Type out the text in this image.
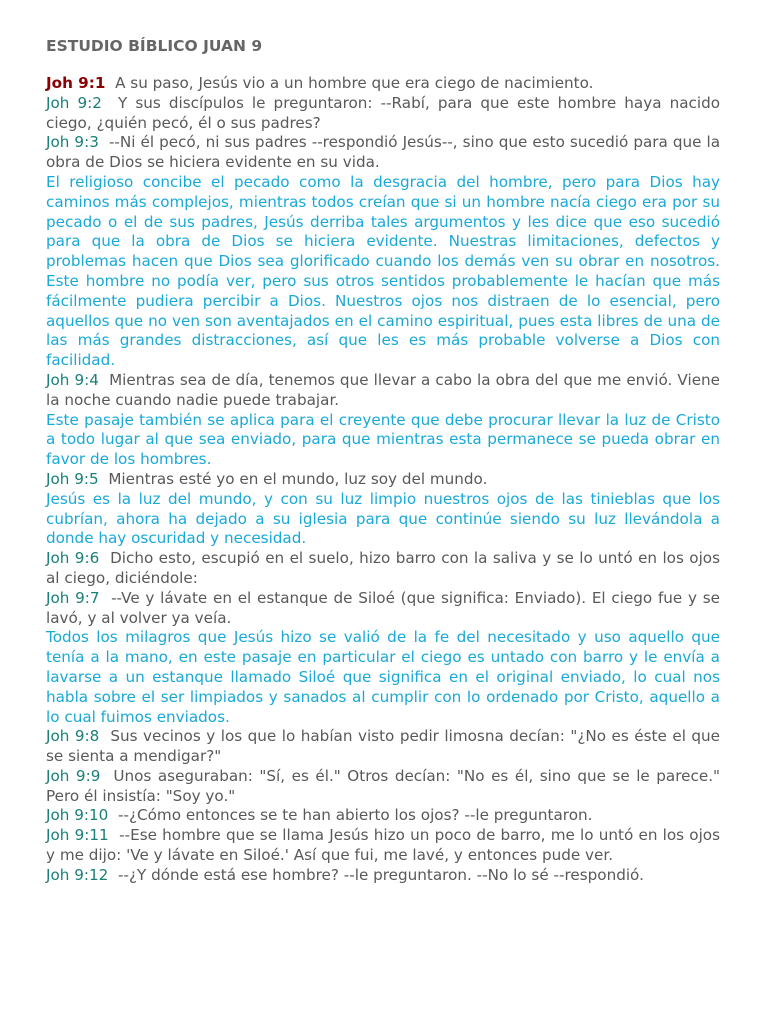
ESTUDIO BÍBLICO JUAN 9

Joh 9:1 A su paso, Jesús vio a un hombre que era ciego de nacimiento.

Joh 9:2 Y sus discípulos le preguntaron: --Rabí, para que este hombre haya nacido ciego, ¿quién pecó, él o sus padres?

Joh 9:3 --Ni él pecó, ni sus padres --respondió Jesús--, sino que esto sucedió para que la obra de Dios se hiciera evidente en su vida.

El religioso concibe el pecado como la desgracia del hombre, pero para Dios hay caminos más complejos, mientras todos creían que si un hombre nacía ciego era por su pecado o el de sus padres, Jesús derriba tales argumentos y les dice que eso sucedió para que la obra de Dios se hiciera evidente. Nuestras limitaciones, defectos y problemas hacen que Dios sea glorificado cuando los demás ven su obrar en nosotros. Este hombre no podía ver, pero sus otros sentidos probablemente le hacían que más fácilmente pudiera percibir a Dios. Nuestros ojos nos distraen de lo esencial, pero aquellos que no ven son aventajados en el camino espiritual, pues esta libres de una de las más grandes distracciones, así que les es más probable volverse a Dios con facilidad.

Joh 9:4 Mientras sea de día, tenemos que llevar a cabo la obra del que me envió. Viene la noche cuando nadie puede trabajar.

Este pasaje también se aplica para el creyente que debe procurar llevar la luz de Cristo a todo lugar al que sea enviado, para que mientras esta permanece se pueda obrar en favor de los hombres.

Joh 9:5 Mientras esté yo en el mundo, luz soy del mundo.

Jesús es la luz del mundo, y con su luz limpio nuestros ojos de las tinieblas que los cubrían, ahora ha dejado a su iglesia para que continúe siendo su luz llevándola a donde hay oscuridad y necesidad.

Joh 9:6 Dicho esto, escupió en el suelo, hizo barro con la saliva y se lo untó en los ojos al ciego, diciéndole:

Joh 9:7 --Ve y lávate en el estanque de Siloé (que significa: Enviado). El ciego fue y se lavó, y al volver ya veía.

Todos los milagros que Jesús hizo se valió de la fe del necesitado y uso aquello que tenía a la mano, en este pasaje en particular el ciego es untado con barro y le envía a lavarse a un estanque llamado Siloé que significa en el original enviado, lo cual nos habla sobre el ser limpiados y sanados al cumplir con lo ordenado por Cristo, aquello a lo cual fuimos enviados.

Joh 9:8 Sus vecinos y los que lo habían visto pedir limosna decían: "¿No es éste el que se sienta a mendigar?"

Joh 9:9 Unos aseguraban: "Sí, es él." Otros decían: "No es él, sino que se le parece." Pero él insistía: "Soy yo."

Joh 9:10 --¿Cómo entonces se te han abierto los ojos? --le preguntaron.

Joh 9:11 --Ese hombre que se llama Jesús hizo un poco de barro, me lo untó en los ojos y me dijo: 'Ve y lávate en Siloé.' Así que fui, me lavé, y entonces pude ver.

Joh 9:12 --¿Y dónde está ese hombre? --le preguntaron. --No lo sé --respondió.
